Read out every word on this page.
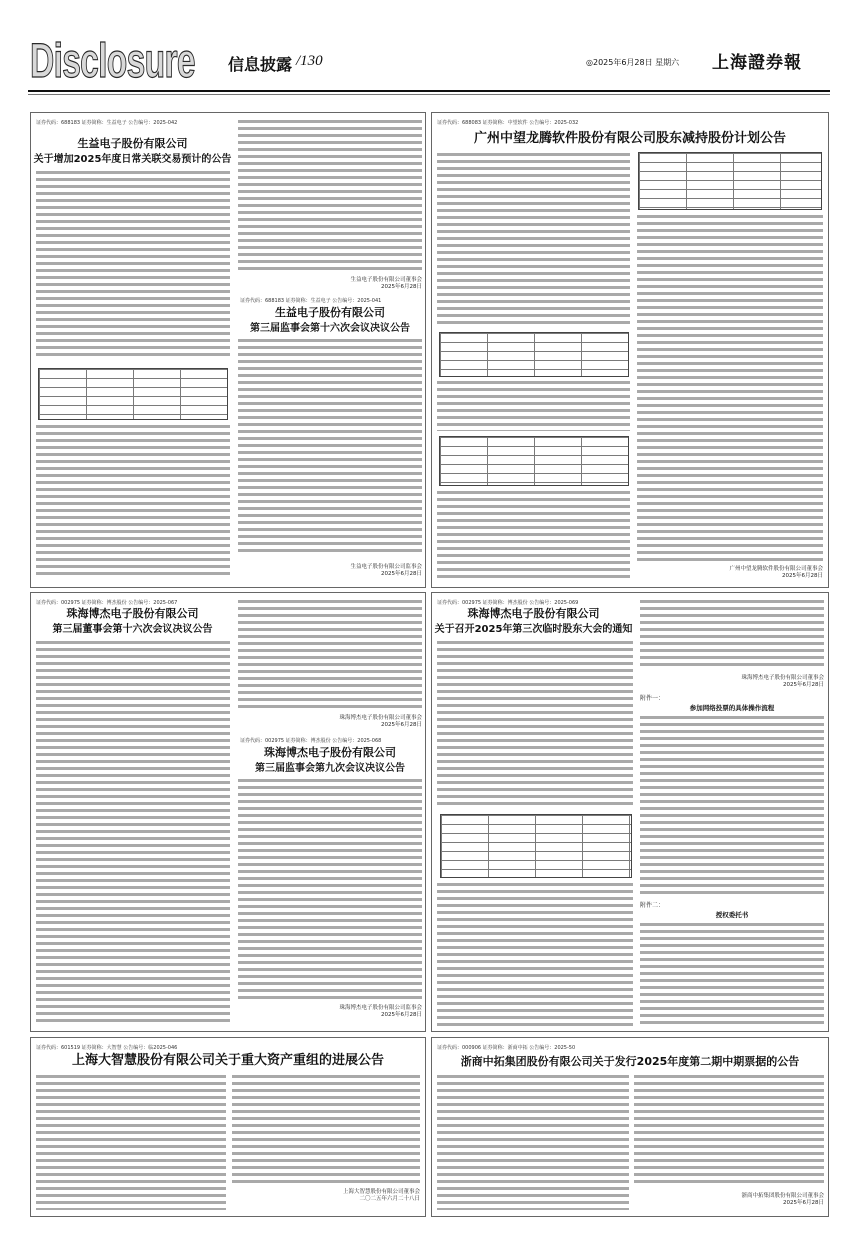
Disclosure 信息披露 /130	◎2025年6月28日 星期六 上海證券報
证券代码：688183 证券简称：生益电子 公告编号：2025-042
生益电子股份有限公司
关于增加2025年度日常关联交易预计的公告
生益电子股份有限公司董事会
2025年6月28日
证券代码：688183 证券简称：生益电子 公告编号：2025-041
生益电子股份有限公司
第三届监事会第十六次会议决议公告
生益电子股份有限公司监事会
2025年6月28日
证券代码：688083 证券简称：中望软件 公告编号：2025-032
广州中望龙腾软件股份有限公司股东减持股份计划公告
广州中望龙腾软件股份有限公司董事会
2025年6月28日
证券代码：002975 证券简称：博杰股份 公告编号：2025-067
珠海博杰电子股份有限公司
第三届董事会第十六次会议决议公告
珠海博杰电子股份有限公司董事会
2025年6月28日
证券代码：002975 证券简称：博杰股份 公告编号：2025-068
珠海博杰电子股份有限公司
第三届监事会第九次会议决议公告
珠海博杰电子股份有限公司监事会
2025年6月28日
证券代码：002975 证券简称：博杰股份 公告编号：2025-069
珠海博杰电子股份有限公司
关于召开2025年第三次临时股东大会的通知
珠海博杰电子股份有限公司董事会
2025年6月28日
附件一：
参加网络投票的具体操作流程
附件二：
授权委托书
证券代码：601519 证券简称：大智慧 公告编号：临2025-046
上海大智慧股份有限公司关于重大资产重组的进展公告
上海大智慧股份有限公司董事会
二〇二五年六月二十八日
证券代码：000906 证券简称：浙商中拓 公告编号：2025-50
浙商中拓集团股份有限公司关于发行2025年度第二期中期票据的公告
浙商中拓集团股份有限公司董事会
2025年6月28日
